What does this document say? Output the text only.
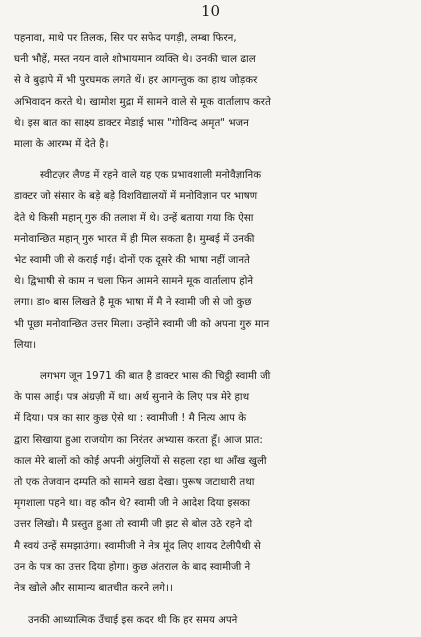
10
पहनावा, माथे पर तिलक, सिर पर सफेद पगड़ी, लम्बा फिरन,
घनी भौहें, मस्त नयन वाले शोभायमान व्यक्ति थे। उनकी चाल ढाल
से वे बुढ़ापे में भी पुरघमक लगते थें। हर आगन्तुक का हाथ जोड़कर
अभिवादन करते थे। खामोश मुद्रा में सामने वाले से मूक वार्तालाप करते
थे। इस बात का साक्ष्य डाक्टर मेडाई भास "गोविन्द अमृत" भजन
माला के आरम्भ में देते है।
स्वीटज़र लैण्ड में रहने वाले यह एक प्रभावशाली मनोवैज्ञानिक
डाक्टर जो संसार के बड़े बड़े विशविद्यालयों में मनोविज्ञान पर भाषण
देते थे किसी महान् गुरु की तलाश में थे। उन्हें बताया गया कि ऐसा
मनोवान्छित महान् गुरु भारत में ही मिल सकता है। मुम्बई में उनकी
भेट स्वामी जी से कराई गई। दोनों एक दूसरे की भाषा नहीं जानते
थे। द्विभाषी से काम न चला फिन आमने सामने मूक वार्तालाप होने
लगा। डा० बास लिखते है मूक भाषा में मै ने स्वामी जी से जो कुछ
भी पूछा मनोवान्छित उत्तर मिला। उन्होंने स्वामी जी को अपना गुरु मान
लिया।
लगभग जून 1971 की बात है डाक्टर भास की चिट्ठी स्वामी जी
के पास आई। पत्र अंग्रज़ी में था। अर्थ सुनाने के लिए पत्र मेरे हाथ
में दिया। पत्र का सार कुछ ऐसे था : स्वामीजी ! मै नित्य आप के
द्वारा सिखाया हुआ राजयोग का निरंतर अभ्यास करता हूँ। आज प्रात:
काल मेरे बालों को कोई अपनी अंगुलियों से सहला रहा था आँख खुली
तो एक तेजवान दम्पति को सामने खडा देखा। पुरूष जटाधारी तथा
मृगशाला पहने था। वह कौन थे? स्वामी जी ने आदेश दिया इसका
उत्तर लिखो। मै प्रस्तुत हुआ तो स्वामी जी झट से बोल उठे रहने दो
मै स्वयं उन्हें समझाउंगा। स्वामीजी ने नेत्र मूंद लिए शायद टेलीपैथी से
उन के पत्र का उत्तर दिया होगा। कुछ अंतराल के बाद स्वामीजी ने
नेत्र खोले और सामान्य बातचीत करने लगे।।
उनकी आध्यात्मिक उँचाई इस कदर थी कि हर समय अपने
